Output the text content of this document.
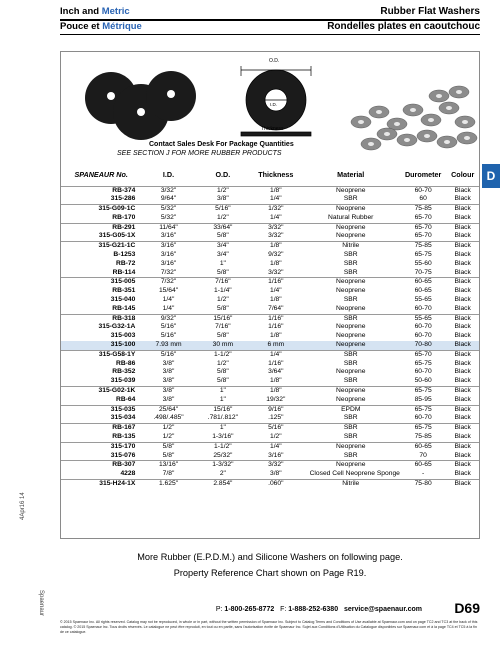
Inch and Metric	Rubber Flat Washers
Pouce et Métrique	Rondelles plates en caoutchouc
O.D.
I.D.
Thickness
Contact Sales Desk For Package Quantities
SEE SECTION J FOR MORE RUBBER PRODUCTS
D
SPANEAUR No.	I.D.	O.D.	Thickness	Material	Durometer	Colour
RB-374	3/32"	1/2"	1/8"	Neoprene	60-70	Black
315-286	9/64"	3/8"	1/4"	SBR	60	Black
315-G09-1C	5/32"	5/16"	1/32"	Neoprene	75-85	Black
RB-170	5/32"	1/2"	1/4"	Natural Rubber	65-70	Black
RB-291	11/64"	33/64"	3/32"	Neoprene	65-70	Black
315-G05-1X	3/16"	5/8"	3/32"	Neoprene	65-70	Black
315-G21-1C	3/16"	3/4"	1/8"	Nitrile	75-85	Black
B-1253	3/16"	3/4"	9/32"	SBR	65-75	Black
RB-72	3/16"	1"	1/8"	SBR	55-60	Black
RB-114	7/32"	5/8"	3/32"	SBR	70-75	Black
315-005	7/32"	7/16"	1/16"	Neoprene	60-65	Black
RB-351	15/64"	1-1/4"	1/4"	Neoprene	60-65	Black
315-040	1/4"	1/2"	1/8"	SBR	55-65	Black
RB-145	1/4"	5/8"	7/64"	Neoprene	60-70	Black
RB-318	9/32"	15/16"	1/16"	SBR	55-65	Black
315-G32-1A	5/16"	7/16"	1/16"	Neoprene	60-70	Black
315-003	5/16"	5/8"	1/8"	Neoprene	60-70	Black
315-100	7.93 mm	30 mm	6 mm	Neoprene	70-80	Black
315-G58-1Y	5/16"	1-1/2"	1/4"	SBR	65-70	Black
RB-86	3/8"	1/2"	1/16"	SBR	65-75	Black
RB-352	3/8"	5/8"	3/64"	Neoprene	60-70	Black
315-039	3/8"	5/8"	1/8"	SBR	50-60	Black
315-G02-1K	3/8"	1"	1/8"	Neoprene	65-75	Black
RB-64	3/8"	1"	19/32"	Neoprene	85-95	Black
315-035	25/64"	15/16"	9/16"	EPDM	65-75	Black
315-034	.498/.485"	.781/.812"	.125"	SBR	60-70	Black
RB-167	1/2"	1"	5/16"	SBR	65-75	Black
RB-135	1/2"	1-3/16"	1/2"	SBR	75-85	Black
315-170	5/8"	1-1/2"	1/4"	Neoprene	60-65	Black
315-076	5/8"	25/32"	3/16"	SBR	70	Black
RB-307	13/16"	1-3/32"	3/32"	Neoprene	60-65	Black
4228	7/8"	2"	3/8"	Closed Cell Neoprene Sponge	-	Black
315-H24-1X	1.625"	2.854"	.060"	Nitrile	75-80	Black
More Rubber (E.P.D.M.) and Silicone Washers on following page.
Property Reference Chart shown on Page R19.
4Apr16 14
Spaenaur	P: 1-800-265-8772 F: 1-888-252-6380 service@spaenaur.com D69
© 2015 Spaenaur Inc. All rights reserved. Catalog may not be reproduced, in whole or in part, without the written permission of Spaenaur Inc. Subject to Catalog Terms and Conditions of Use available at Spaenaur.com and on page TC2 and TC3 at the back of this catalog. © 2015 Spaenaur Inc. Tous droits réservés. Le catalogue ne peut être reproduit, en tout ou en partie, sans l'autorisation écrite de Spaenaur Inc. Sujet aux Conditions d'Utilisation du Catalogue disponibles sur Spaenaur.com et à la page TC4 et TC5 à la fin de ce catalogue.
